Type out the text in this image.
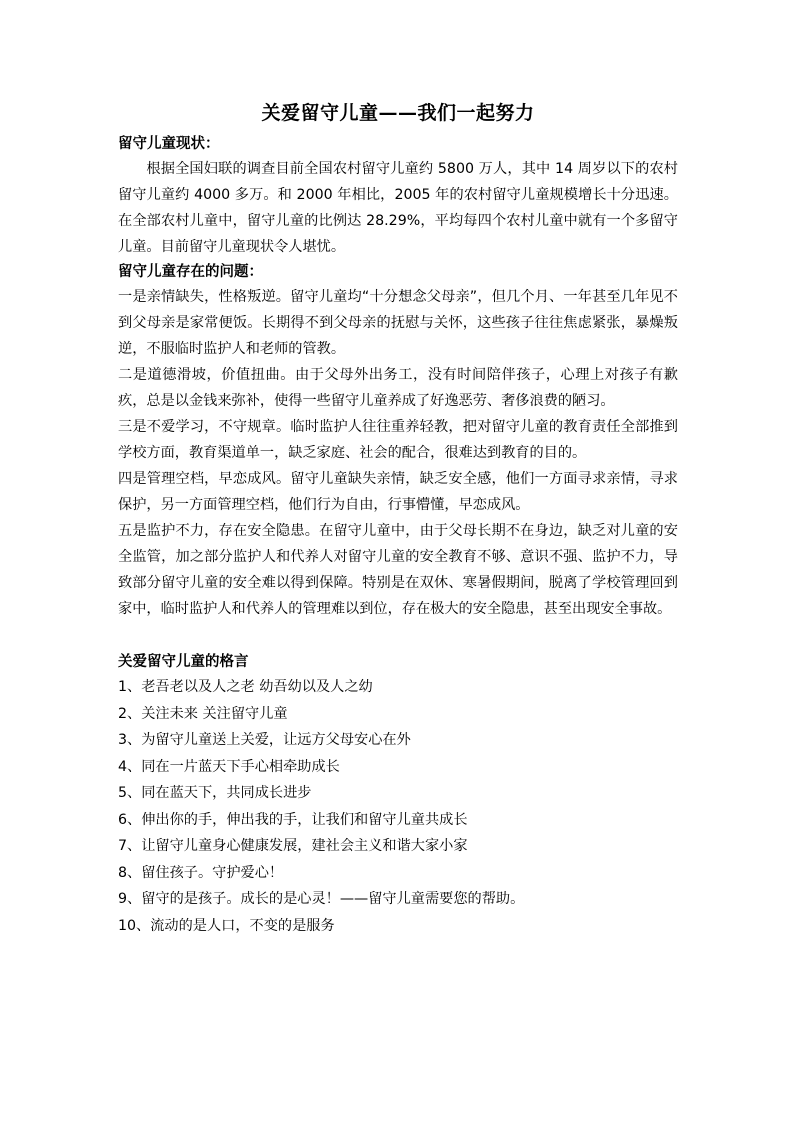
关爱留守儿童——我们一起努力
留守儿童现状：

根据全国妇联的调查目前全国农村留守儿童约 5800 万人，其中 14 周岁以下的农村留守儿童约 4000 多万。和 2000 年相比，2005 年的农村留守儿童规模增长十分迅速。在全部农村儿童中，留守儿童的比例达 28.29%，平均每四个农村儿童中就有一个多留守儿童。目前留守儿童现状令人堪忧。

留守儿童存在的问题：

一是亲情缺失，性格叛逆。留守儿童均“十分想念父母亲”，但几个月、一年甚至几年见不到父母亲是家常便饭。长期得不到父母亲的抚慰与关怀，这些孩子往往焦虑紧张，暴燥叛逆，不服临时监护人和老师的管教。

二是道德滑坡，价值扭曲。由于父母外出务工，没有时间陪伴孩子，心理上对孩子有歉疚，总是以金钱来弥补，使得一些留守儿童养成了好逸恶劳、奢侈浪费的陋习。

三是不爱学习，不守规章。临时监护人往往重养轻教，把对留守儿童的教育责任全部推到学校方面，教育渠道单一，缺乏家庭、社会的配合，很难达到教育的目的。

四是管理空档，早恋成风。留守儿童缺失亲情，缺乏安全感，他们一方面寻求亲情，寻求保护，另一方面管理空档，他们行为自由，行事懵懂，早恋成风。

五是监护不力，存在安全隐患。在留守儿童中，由于父母长期不在身边，缺乏对儿童的安全监管，加之部分监护人和代养人对留守儿童的安全教育不够、意识不强、监护不力，导致部分留守儿童的安全难以得到保障。特别是在双休、寒暑假期间，脱离了学校管理回到家中，临时监护人和代养人的管理难以到位，存在极大的安全隐患，甚至出现安全事故。

关爱留守儿童的格言
1、老吾老以及人之老 幼吾幼以及人之幼
2、关注未来 关注留守儿童
3、为留守儿童送上关爱，让远方父母安心在外
4、同在一片蓝天下手心相牵助成长
5、同在蓝天下，共同成长进步
6、伸出你的手，伸出我的手，让我们和留守儿童共成长
7、让留守儿童身心健康发展，建社会主义和谐大家小家
8、留住孩子。守护爱心！
9、留守的是孩子。成长的是心灵！——留守儿童需要您的帮助。
10、流动的是人口，不变的是服务
